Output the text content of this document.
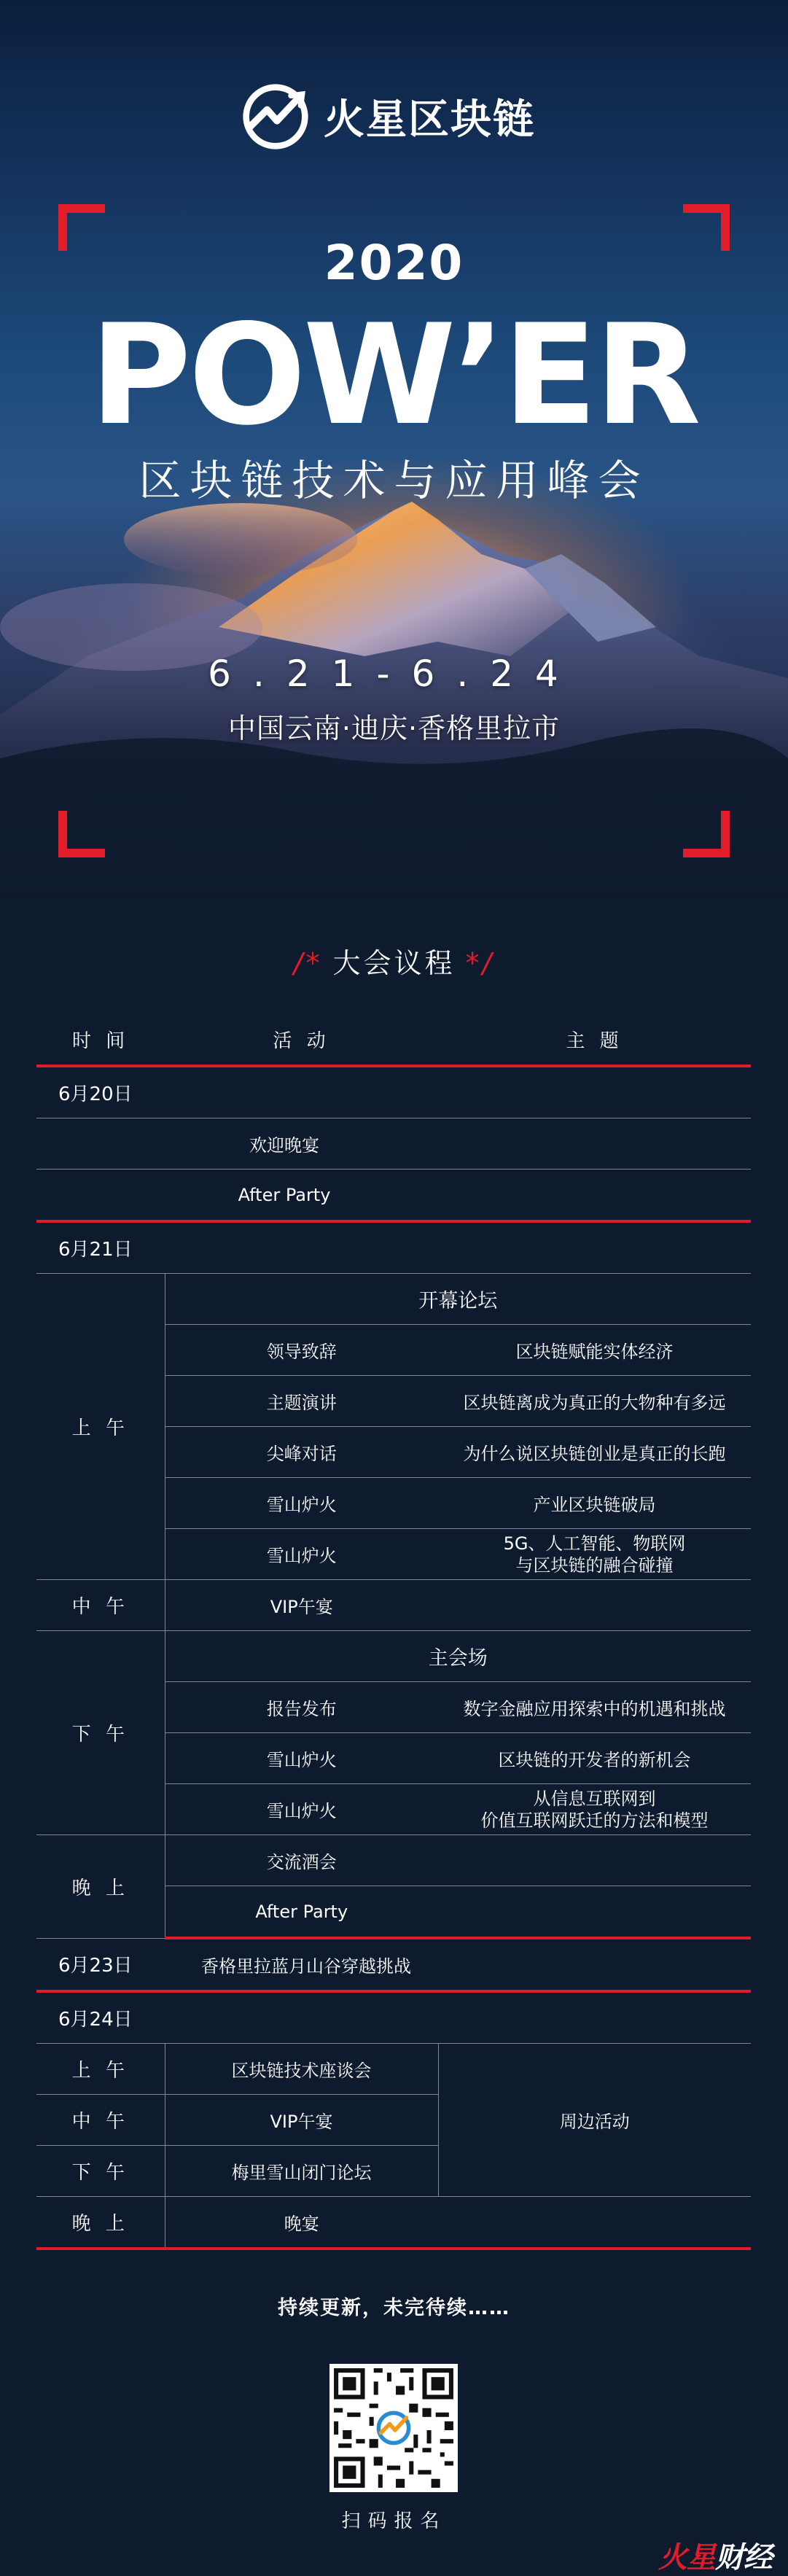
火星区块链
2020
POW’ER
区块链技术与应用峰会
6.21-6.24
中国云南·迪庆·香格里拉市
/* 大会议程 */
时 间	活 动	主 题
6月20日		
欢迎晚宴		
After Party		
6月21日		
上 午	开幕论坛	
	领导致辞	区块链赋能实体经济
	主题演讲	区块链离成为真正的大物种有多远
	尖峰对话	为什么说区块链创业是真正的长跑
	雪山炉火	产业区块链破局
	雪山炉火	5G、人工智能、物联网
与区块链的融合碰撞

中 午	VIP午宴	
下 午	主会场	
	报告发布	数字金融应用探索中的机遇和挑战
	雪山炉火	区块链的开发者的新机会
	雪山炉火	从信息互联网到
价值互联网跃迁的方法和模型

晚 上	交流酒会	
	After Party	
6月23日	香格里拉蓝月山谷穿越挑战	
6月24日		
上 午	区块链技术座谈会	周边活动
中 午	VIP午宴	
下 午	梅里雪山闭门论坛	
晚 上	晚宴	
持续更新，未完待续……
扫码报名
火星财经
